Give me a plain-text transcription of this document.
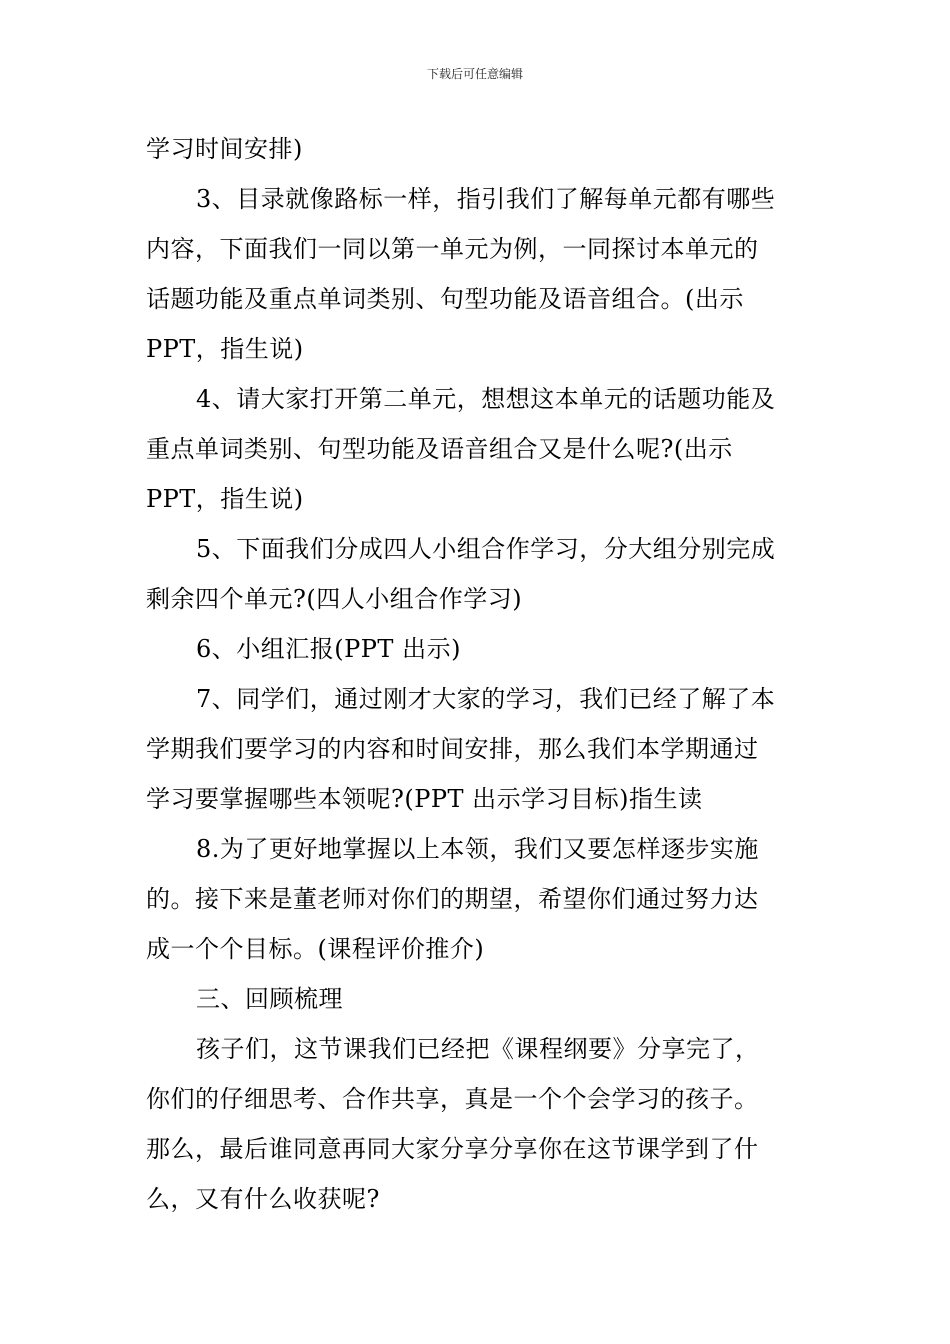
下载后可任意编辑

学习时间安排)

3、目录就像路标一样，指引我们了解每单元都有哪些
内容，下面我们一同以第一单元为例，一同探讨本单元的
话题功能及重点单词类别、句型功能及语音组合。(出示
PPT，指生说)

4、请大家打开第二单元，想想这本单元的话题功能及
重点单词类别、句型功能及语音组合又是什么呢?(出示
PPT，指生说)

5、下面我们分成四人小组合作学习，分大组分别完成
剩余四个单元?(四人小组合作学习)

6、小组汇报(PPT 出示)

7、同学们，通过刚才大家的学习，我们已经了解了本
学期我们要学习的内容和时间安排，那么我们本学期通过
学习要掌握哪些本领呢?(PPT 出示学习目标)指生读

8.为了更好地掌握以上本领，我们又要怎样逐步实施
的。接下来是董老师对你们的期望，希望你们通过努力达
成一个个目标。(课程评价推介)

三、回顾梳理

孩子们，这节课我们已经把《课程纲要》分享完了，
你们的仔细思考、合作共享，真是一个个会学习的孩子。
那么，最后谁同意再同大家分享分享你在这节课学到了什
么，又有什么收获呢?
